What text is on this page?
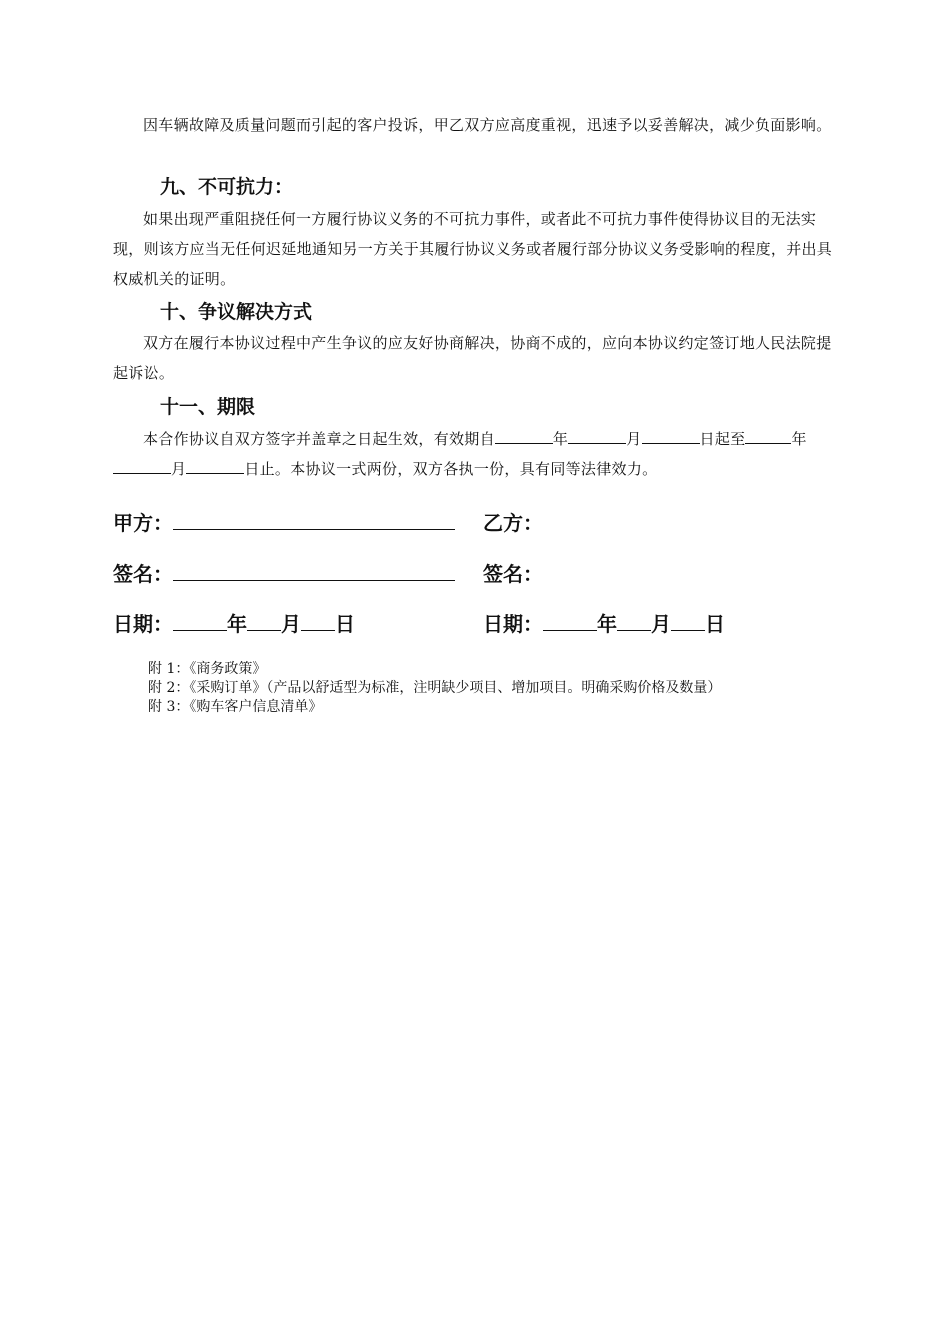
因车辆故障及质量问题而引起的客户投诉，甲乙双方应高度重视，迅速予以妥善解决，减少负面影响。

九、不可抗力：

如果出现严重阻挠任何一方履行协议义务的不可抗力事件，或者此不可抗力事件使得协议目的无法实现，则该方应当无任何迟延地通知另一方关于其履行协议义务或者履行部分协议义务受影响的程度，并出具权威机关的证明。

十、争议解决方式

双方在履行本协议过程中产生争议的应友好协商解决，协商不成的，应向本协议约定签订地人民法院提起诉讼。

十一、期限

本合作协议自双方签字并盖章之日起生效，有效期自	年	月	日起至	年月	日止。本协议一式两份，双方各执一份，具有同等法律效力。

甲方：	乙方：
签名：	签名：
日期：	年 月 日	日期：	年 月 日
附 1：《商务政策》
附 2：《采购订单》（产品以舒适型为标准，注明缺少项目、增加项目。明确采购价格及数量）
附 3：《购车客户信息清单》
